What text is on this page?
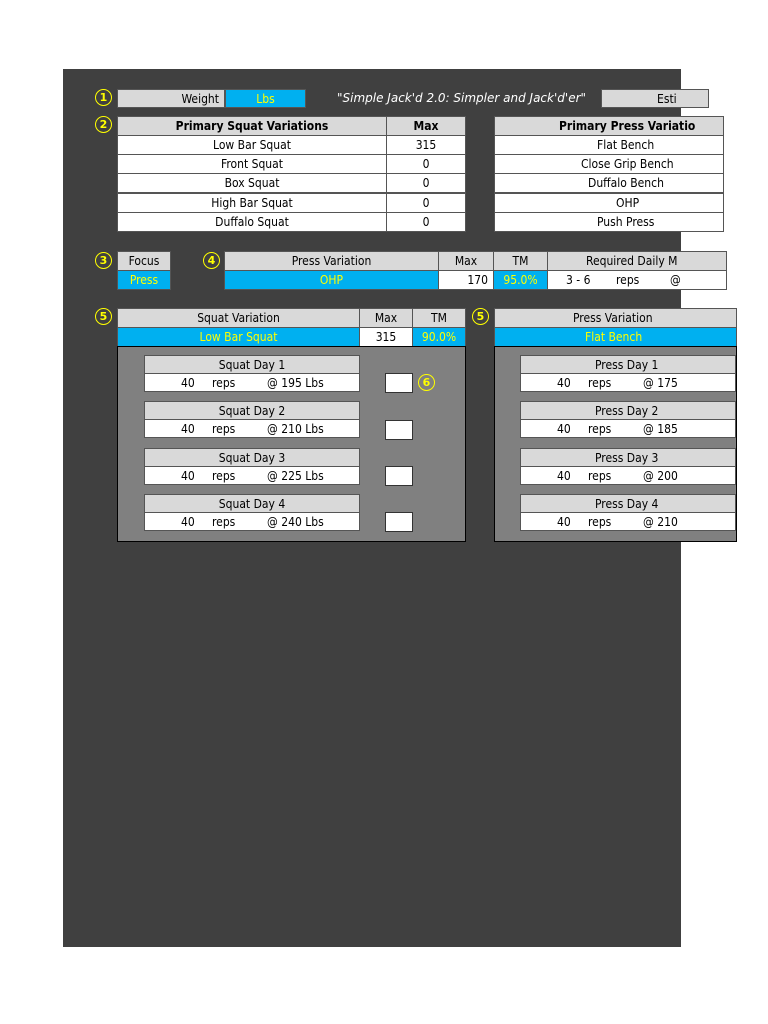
1	Weight	Lbs	"Simple Jack'd 2.0: Simpler and Jack'd'er"	Esti
2	Primary Squat Variations	Max
Low Bar Squat	315
Front Squat	0
Box Squat	0
High Bar Squat	0
Duffalo Squat	0
Primary Press Variatio
Flat Bench
Close Grip Bench
Duffalo Bench
OHP
Push Press
3	Focus
Press
4	Press Variation	Max	TM	Required Daily M
OHP	170	95.0%	3 - 6 reps	@
5	Squat Variation	Max	TM
Low Bar Squat	315	90.0%
Squat Day 1
40 reps	@ 195 Lbs	6
Squat Day 2
40 reps	@ 210 Lbs
Squat Day 3
40 reps	@ 225 Lbs
Squat Day 4
40 reps	@ 240 Lbs
5	Press Variation
Flat Bench
Press Day 1
40 reps	@ 175
Press Day 2
40 reps	@ 185
Press Day 3
40 reps	@ 200
Press Day 4
40 reps	@ 210
